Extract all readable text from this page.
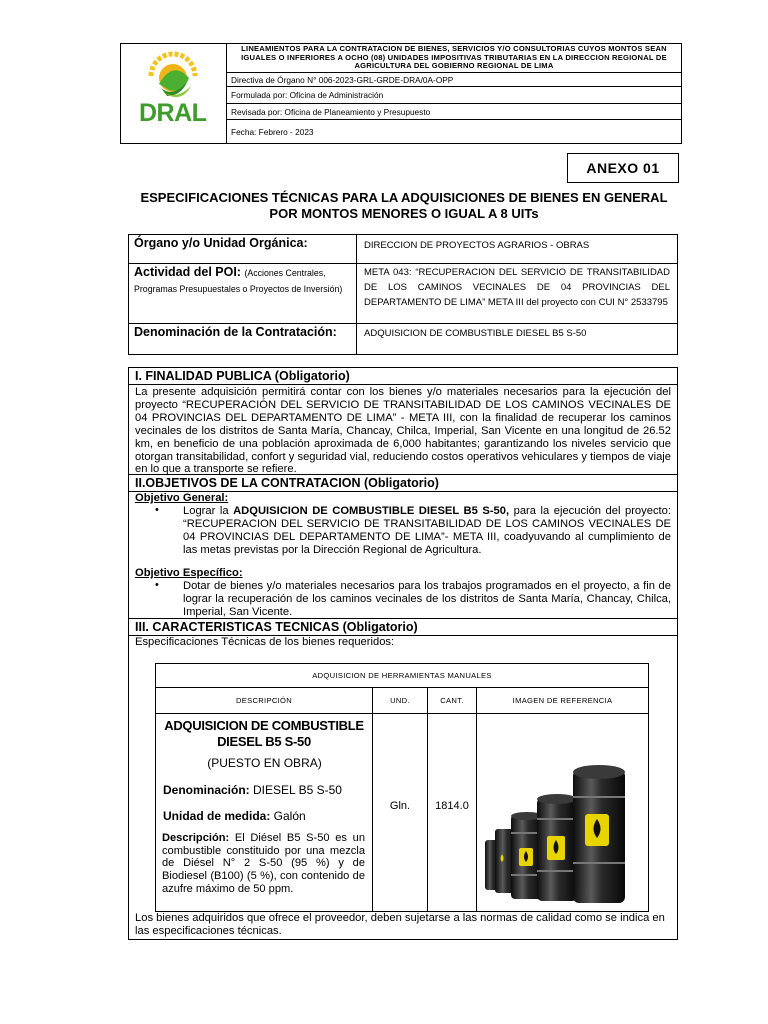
DRAL
LINEAMIENTOS PARA LA CONTRATACION DE BIENES, SERVICIOS Y/O CONSULTORIAS CUYOS MONTOS SEAN IGUALES O INFERIORES A OCHO (08) UNIDADES IMPOSITIVAS TRIBUTARIAS EN LA DIRECCION REGIONAL DE AGRICULTURA DEL GOBIERNO REGIONAL DE LIMA
Directiva de Órgano N° 006-2023-GRL-GRDE-DRA/0A-OPP
Formulada por: Oficina de Administración
Revisada por: Oficina de Planeamiento y Presupuesto
Fecha: Febrero - 2023
ANEXO 01
ESPECIFICACIONES TÉCNICAS PARA LA ADQUISICIONES DE BIENES EN GENERAL
POR MONTOS MENORES O IGUAL A 8 UITs
Órgano y/o Unidad Orgánica:	DIRECCION DE PROYECTOS AGRARIOS - OBRAS
Actividad del POI: (Acciones Centrales, Programas Presupuestales o Proyectos de Inversión)
META 043: “RECUPERACION DEL SERVICIO DE TRANSITABILIDAD DE LOS CAMINOS VECINALES DE 04 PROVINCIAS DEL DEPARTAMENTO DE LIMA” META III del proyecto con CUI N° 2533795
Denominación de la Contratación:	ADQUISICION DE COMBUSTIBLE DIESEL B5 S-50
I. FINALIDAD PUBLICA (Obligatorio)
La presente adquisición permitirá contar con los bienes y/o materiales necesarios para la ejecución del proyecto “RECUPERACIÓN DEL SERVICIO DE TRANSITABILIDAD DE LOS CAMINOS VECINALES DE 04 PROVINCIAS DEL DEPARTAMENTO DE LIMA” - META III, con la finalidad de recuperar los caminos vecinales de los distritos de Santa María, Chancay, Chilca, Imperial, San Vicente en una longitud de 26.52 km, en beneficio de una población aproximada de 6,000 habitantes; garantizando los niveles servicio que otorgan transitabilidad, confort y seguridad vial, reduciendo costos operativos vehiculares y tiempos de viaje en lo que a transporte se refiere.
II.OBJETIVOS DE LA CONTRATACION (Obligatorio)
Objetivo General:
• Lograr la ADQUISICION DE COMBUSTIBLE DIESEL B5 S-50, para la ejecución del proyecto: “RECUPERACION DEL SERVICIO DE TRANSITABILIDAD DE LOS CAMINOS VECINALES DE 04 PROVINCIAS DEL DEPARTAMENTO DE LIMA”- META III, coadyuvando al cumplimiento de las metas previstas por la Dirección Regional de Agricultura.
Objetivo Específico:
• Dotar de bienes y/o materiales necesarios para los trabajos programados en el proyecto, a fin de lograr la recuperación de los caminos vecinales de los distritos de Santa María, Chancay, Chilca, Imperial, San Vicente.
III. CARACTERISTICAS TECNICAS (Obligatorio)
Especificaciones Técnicas de los bienes requeridos:
Los bienes adquiridos que ofrece el proveedor, deben sujetarse a las normas de calidad como se indica en las especificaciones técnicas.
ADQUISICION DE HERRAMIENTAS MANUALES
DESCRIPCIÓN	UND.	CANT.	IMAGEN DE REFERENCIA
ADQUISICION DE COMBUSTIBLE DIESEL B5 S-50
(PUESTO EN OBRA)
Denominación: DIESEL B5 S-50
Unidad de medida: Galón
Descripción: El Diésel B5 S-50 es un combustible constituido por una mezcla de Diésel N° 2 S-50 (95 %) y de Biodiesel (B100) (5 %), con contenido de azufre máximo de 50 ppm.
Gln.	1814.0
